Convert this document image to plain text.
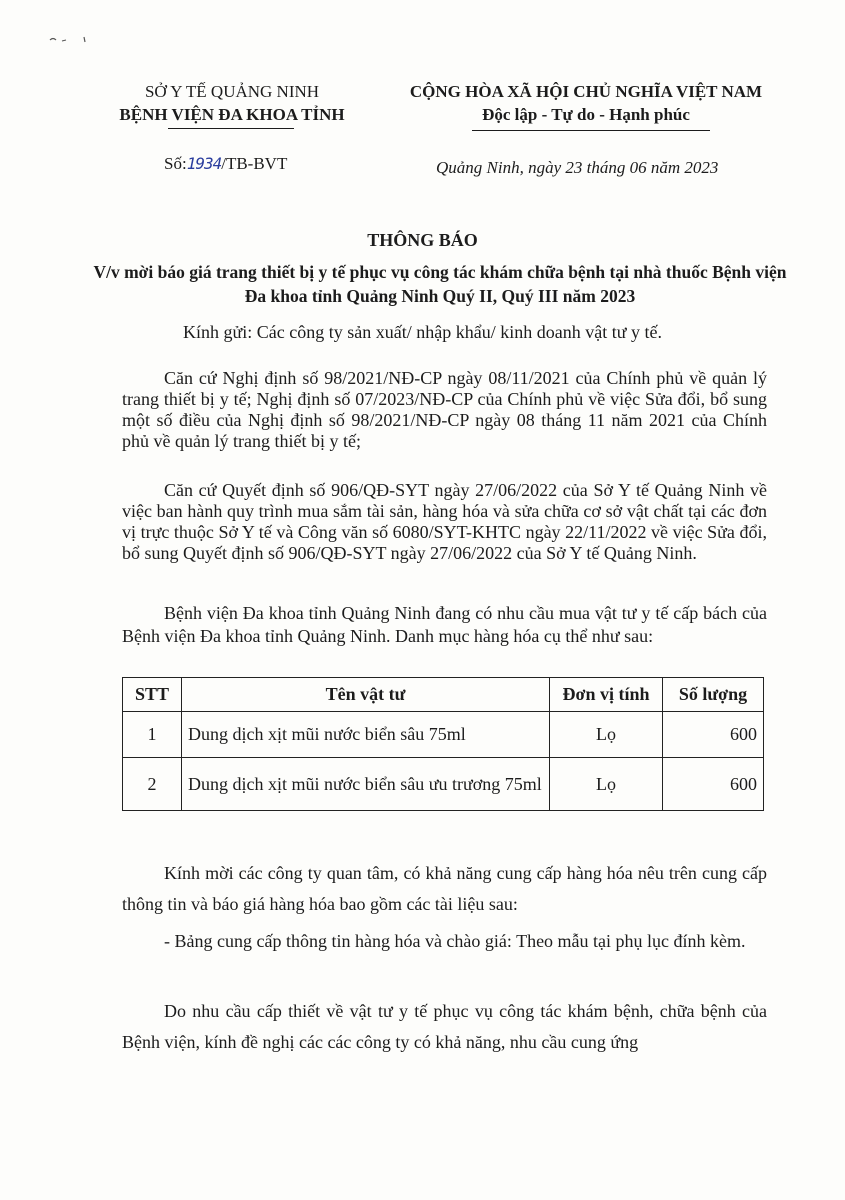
SỞ Y TẾ QUẢNG NINH
BỆNH VIỆN ĐA KHOA TỈNH
CỘNG HÒA XÃ HỘI CHỦ NGHĨA VIỆT NAM
Độc lập - Tự do - Hạnh phúc
Số:1934/TB-BVT	Quảng Ninh, ngày 23 tháng 06 năm 2023
THÔNG BÁO
V/v mời báo giá trang thiết bị y tế phục vụ công tác khám chữa bệnh tại nhà thuốc Bệnh viện Đa khoa tỉnh Quảng Ninh Quý II, Quý III năm 2023
Kính gửi: Các công ty sản xuất/ nhập khẩu/ kinh doanh vật tư y tế.
Căn cứ Nghị định số 98/2021/NĐ-CP ngày 08/11/2021 của Chính phủ về quản lý trang thiết bị y tế; Nghị định số 07/2023/NĐ-CP của Chính phủ về việc Sửa đổi, bổ sung một số điều của Nghị định số 98/2021/NĐ-CP ngày 08 tháng 11 năm 2021 của Chính phủ về quản lý trang thiết bị y tế;
Căn cứ Quyết định số 906/QĐ-SYT ngày 27/06/2022 của Sở Y tế Quảng Ninh về việc ban hành quy trình mua sắm tài sản, hàng hóa và sửa chữa cơ sở vật chất tại các đơn vị trực thuộc Sở Y tế và Công văn số 6080/SYT-KHTC ngày 22/11/2022 về việc Sửa đổi, bổ sung Quyết định số 906/QĐ-SYT ngày 27/06/2022 của Sở Y tế Quảng Ninh.
Bệnh viện Đa khoa tỉnh Quảng Ninh đang có nhu cầu mua vật tư y tế cấp bách của Bệnh viện Đa khoa tỉnh Quảng Ninh. Danh mục hàng hóa cụ thể như sau:
STT	Tên vật tư	Đơn vị tính	Số lượng
1	Dung dịch xịt mũi nước biển sâu 75ml	Lọ	600
2	Dung dịch xịt mũi nước biển sâu ưu trương 75ml	Lọ	600
Kính mời các công ty quan tâm, có khả năng cung cấp hàng hóa nêu trên cung cấp thông tin và báo giá hàng hóa bao gồm các tài liệu sau:
- Bảng cung cấp thông tin hàng hóa và chào giá: Theo mẫu tại phụ lục đính kèm.
Do nhu cầu cấp thiết về vật tư y tế phục vụ công tác khám bệnh, chữa bệnh của Bệnh viện, kính đề nghị các các công ty có khả năng, nhu cầu cung ứng
